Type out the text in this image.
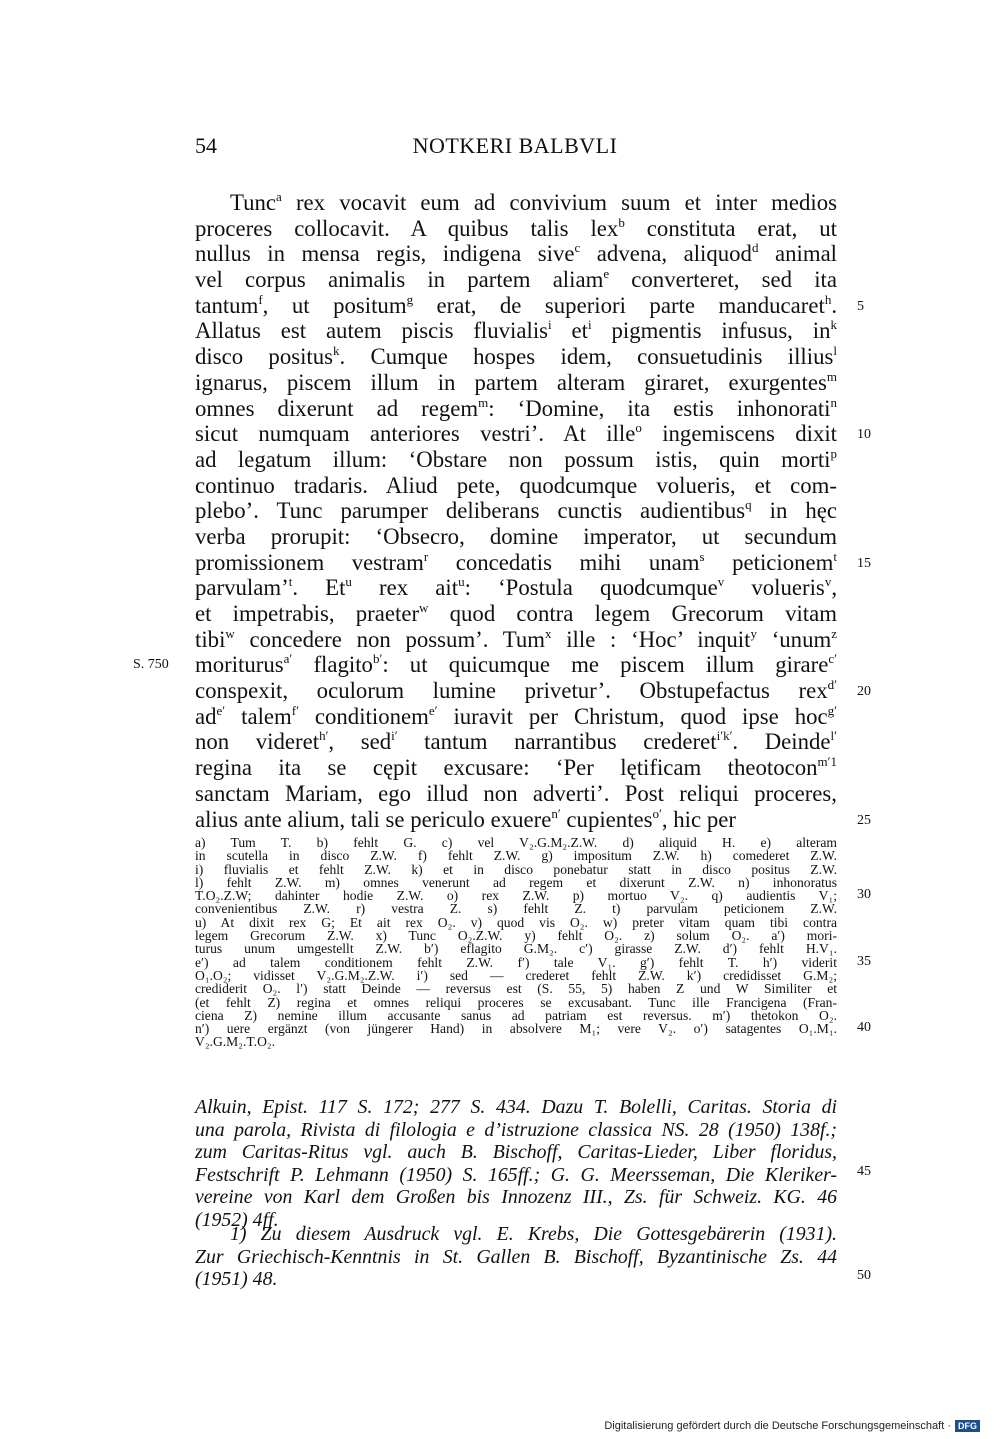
54	NOTKERI BALBVLI
S. 750
Tunc$^a$ rex vocavit eum ad convivium suum et inter medios
proceres collocavit. A quibus talis lex$^b$ constituta erat, ut
nullus in mensa regis, indigena sive$^c$ advena, aliquod$^d$ animal
vel corpus animalis in partem aliam$^e$ converteret, sed ita
tantum$^f$, ut positum$^g$ erat, de superiori parte manducaret$^h$.
Allatus est autem piscis fluvialis$^i$ $et^i$ pigmentis infusus, $in^k$
disco positus$^k$. Cumque hospes idem, consuetudinis illius$^l$
ignarus, piscem illum in partem alteram giraret, exurgentes$^m$
omnes dixerunt ad regem$^m$: ‘Domine, ita estis inhonorati$^n$
sicut numquam anteriores vestri’. At ille$^o$ ingemiscens dixit
ad legatum illum: ‘Obstare non possum istis, quin morti$^p$
continuo tradaris. Aliud pete, quodcumque volueris, et com-
plebo’. Tunc parumper deliberans cunctis audientibus$^q$ in hęc
verba prorupit: ‘Obsecro, domine imperator, ut secundum
promissionem vestram$^r$ concedatis mihi unam$^s$ peticionem$^t$
parvulam’$^t$. Et$^u$ rex ait$^u$: ‘Postula quodcumque$^v$ volueris$^v$,
et impetrabis, praeter$^w$ quod contra legem Grecorum vitam
tibi$^w$ concedere non possum’. Tum$^x$ ille : ‘Hoc’ inquit$^y$ ‘unum$^z$
moriturus$^{a'}$ flagito$^{b'}$: ut quicumque me piscem illum girare$^{c'}$
conspexit, oculorum lumine privetur’. Obstupefactus rex$^{d'}$
$ad^{e'}$ talem$^{f'}$ conditionem$^{e'}$ iuravit per Christum, quod ipse hoc$^{g'}$
non videret$^{h'}$, sed$^{i'}$ tantum narrantibus crederet$^{i'k'}$. Deinde$^{l'}$
regina ita se cępit excusare: ‘Per lętificam theotocon$^{m'1}$
sanctam Mariam, ego illud non adverti’. Post reliqui proceres,
alius ante alium, tali se periculo exuere$^{n'}$ cupientes$^{o'}$, hic per
5
10
15
20
25
a) Tum T. b) fehlt G. c) vel V₂.G.M₂.Z.W. d) aliquid H. e) alteram
in scutella in disco Z.W. f) fehlt Z.W. g) impositum Z.W. h) comederet Z.W.
i) fluvialis et fehlt Z.W. k) et in disco ponebatur statt in disco positus Z.W.
l) fehlt Z.W. m) omnes venerunt ad regem et dixerunt Z.W. n) inhonoratus
T.O₂.Z.W; dahinter hodie Z.W. o) rex Z.W. p) mortuo V₂. q) audientis V₁;
convenientibus Z.W. r) vestra Z. s) fehlt Z. t) parvulam peticionem Z.W.
u) At dixit rex G; Et ait rex O₂. v) quod vis O₂. w) preter vitam quam tibi contra
legem Grecorum Z.W. x) Tunc O₂.Z.W. y) fehlt O₂. z) solum O₂. a′) mori-
turus unum umgestellt Z.W. b′) eflagito G.M₂. c′) girasse Z.W. d′) fehlt H.V₁.
e′) ad talem conditionem fehlt Z.W. f′) tale V₁. g′) fehlt T. h′) viderit
O₁.O₂; vidisset V₂.G.M₂.Z.W. i′) sed — crederet fehlt Z.W. k′) credidisset G.M₂;
crediderit O₂. l′) statt Deinde — reversus est (S. 55, 5) haben Z und W Similiter et
(et fehlt Z) regina et omnes reliqui proceres se excusabant. Tunc ille Francigena (Fran-
ciena Z) nemine illum accusante sanus ad patriam est reversus. m′) thetokon O₂.
n′) uere ergänzt (von jüngerer Hand) in absolvere M₁; vere V₂. o′) satagentes O₁.M₁.
V₂.G.M₂.T.O₂.
30
35
40
Alkuin, Epist. 117 S. 172; 277 S. 434. Dazu T. Bolelli, Caritas. Storia di
una parola, Rivista di filologia e d’istruzione classica NS. 28 (1950) 138f.;
zum Caritas-Ritus vgl. auch B. Bischoff, Caritas-Lieder, Liber floridus,
Festschrift P. Lehmann (1950) S. 165ff.; G. G. Meersseman, Die Kleriker-
vereine von Karl dem Großen bis Innozenz III., Zs. für Schweiz. KG. 46
(1952) 4ff.
45
1) Zu diesem Ausdruck vgl. E. Krebs, Die Gottesgebärerin (1931).
Zur Griechisch-Kenntnis in St. Gallen B. Bischoff, Byzantinische Zs. 44
(1951) 48.	50
Digitalisierung gefördert durch die Deutsche Forschungsgemeinschaft · DFG
